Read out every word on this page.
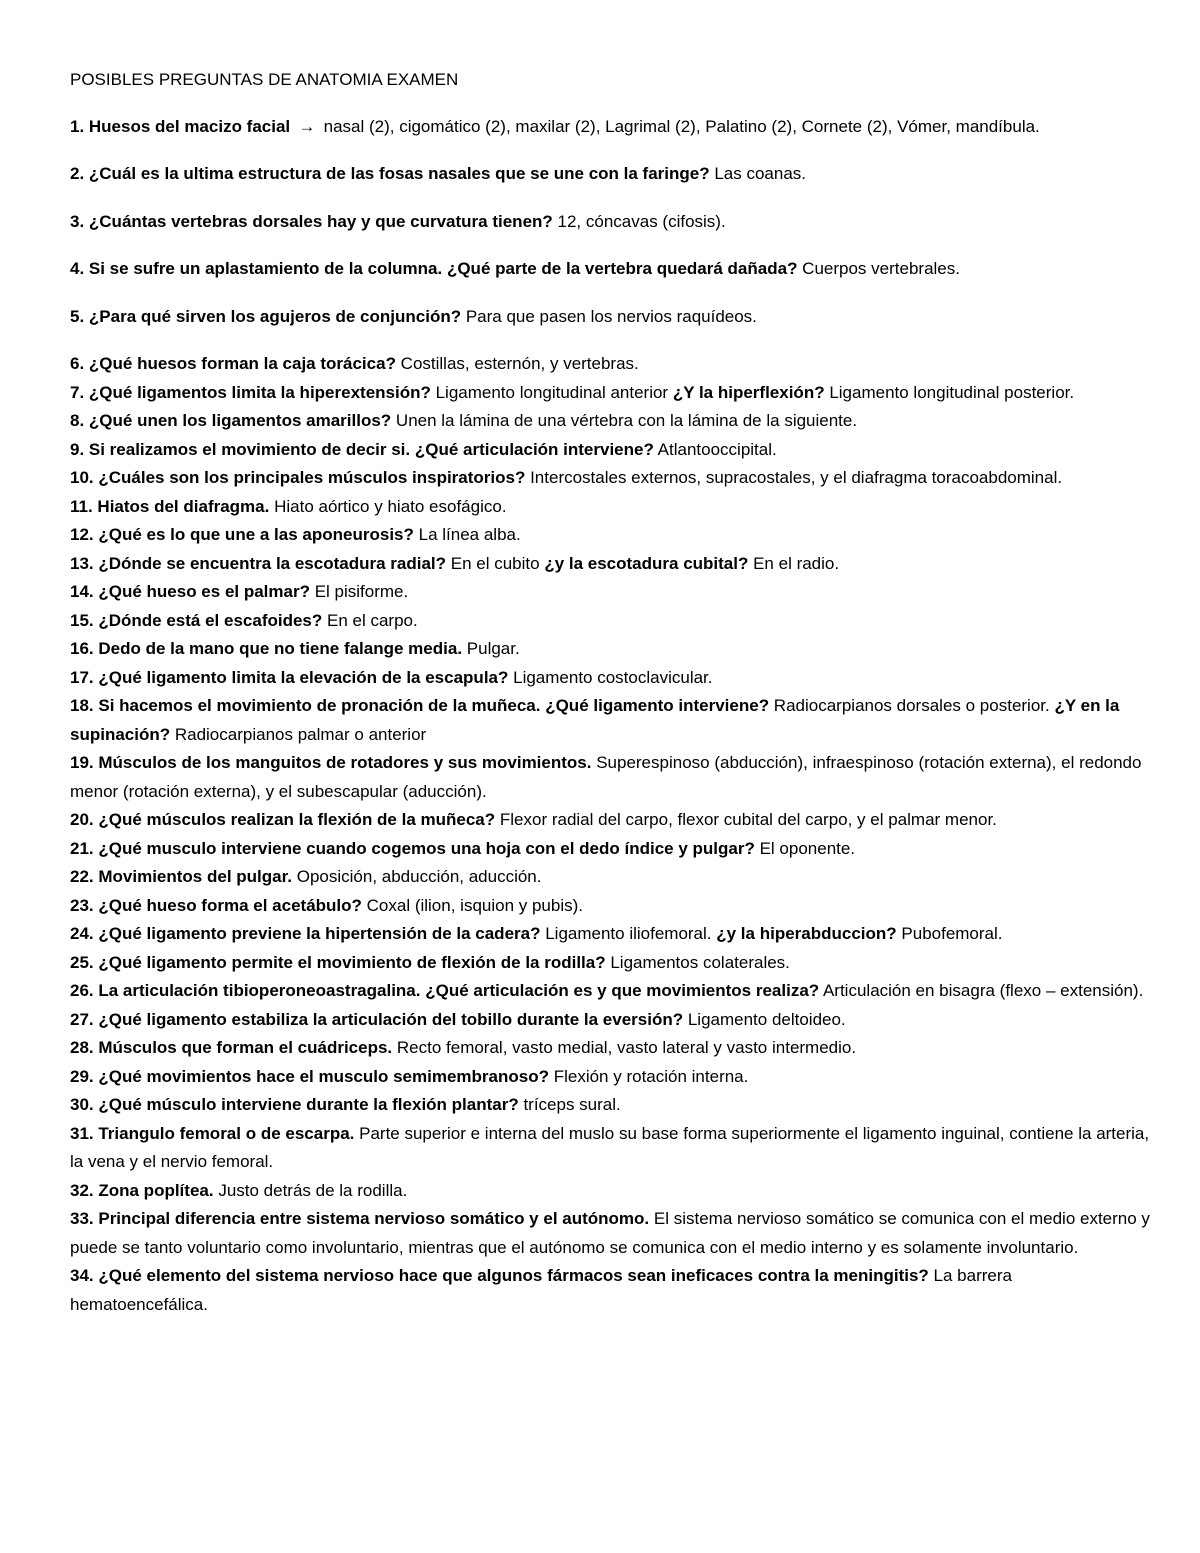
POSIBLES PREGUNTAS DE ANATOMIA EXAMEN

1. Huesos del macizo facial → nasal (2), cigomático (2), maxilar (2), Lagrimal (2), Palatino (2), Cornete (2), Vómer, mandíbula.

2. ¿Cuál es la ultima estructura de las fosas nasales que se une con la faringe? Las coanas.

3. ¿Cuántas vertebras dorsales hay y que curvatura tienen? 12, cóncavas (cifosis).

4. Si se sufre un aplastamiento de la columna. ¿Qué parte de la vertebra quedará dañada? Cuerpos vertebrales.

5. ¿Para qué sirven los agujeros de conjunción? Para que pasen los nervios raquídeos.

6. ¿Qué huesos forman la caja torácica? Costillas, esternón, y vertebras.

7. ¿Qué ligamentos limita la hiperextensión? Ligamento longitudinal anterior ¿Y la hiperflexión? Ligamento longitudinal posterior.

8. ¿Qué unen los ligamentos amarillos? Unen la lámina de una vértebra con la lámina de la siguiente.

9. Si realizamos el movimiento de decir si. ¿Qué articulación interviene? Atlantooccipital.

10. ¿Cuáles son los principales músculos inspiratorios? Intercostales externos, supracostales, y el diafragma toracoabdominal.

11. Hiatos del diafragma. Hiato aórtico y hiato esofágico.

12. ¿Qué es lo que une a las aponeurosis? La línea alba.

13. ¿Dónde se encuentra la escotadura radial? En el cubito ¿y la escotadura cubital? En el radio.

14. ¿Qué hueso es el palmar? El pisiforme.

15. ¿Dónde está el escafoides? En el carpo.

16. Dedo de la mano que no tiene falange media. Pulgar.

17. ¿Qué ligamento limita la elevación de la escapula? Ligamento costoclavicular.

18. Si hacemos el movimiento de pronación de la muñeca. ¿Qué ligamento interviene? Radiocarpianos dorsales o posterior. ¿Y en la supinación? Radiocarpianos palmar o anterior

19. Músculos de los manguitos de rotadores y sus movimientos. Superespinoso (abducción), infraespinoso (rotación externa), el redondo menor (rotación externa), y el subescapular (aducción).

20. ¿Qué músculos realizan la flexión de la muñeca? Flexor radial del carpo, flexor cubital del carpo, y el palmar menor.

21. ¿Qué musculo interviene cuando cogemos una hoja con el dedo índice y pulgar? El oponente.

22. Movimientos del pulgar. Oposición, abducción, aducción.

23. ¿Qué hueso forma el acetábulo? Coxal (ilion, isquion y pubis).

24. ¿Qué ligamento previene la hipertensión de la cadera? Ligamento iliofemoral. ¿y la hiperabduccion? Pubofemoral.

25. ¿Qué ligamento permite el movimiento de flexión de la rodilla? Ligamentos colaterales.

26. La articulación tibioperoneoastragalina. ¿Qué articulación es y que movimientos realiza? Articulación en bisagra (flexo – extensión).

27. ¿Qué ligamento estabiliza la articulación del tobillo durante la eversión? Ligamento deltoideo.

28. Músculos que forman el cuádriceps. Recto femoral, vasto medial, vasto lateral y vasto intermedio.

29. ¿Qué movimientos hace el musculo semimembranoso? Flexión y rotación interna.

30. ¿Qué músculo interviene durante la flexión plantar? tríceps sural.

31. Triangulo femoral o de escarpa. Parte superior e interna del muslo su base forma superiormente el ligamento inguinal, contiene la arteria, la vena y el nervio femoral.

32. Zona poplítea. Justo detrás de la rodilla.

33. Principal diferencia entre sistema nervioso somático y el autónomo. El sistema nervioso somático se comunica con el medio externo y puede se tanto voluntario como involuntario, mientras que el autónomo se comunica con el medio interno y es solamente involuntario.

34. ¿Qué elemento del sistema nervioso hace que algunos fármacos sean ineficaces contra la meningitis? La barrera hematoencefálica.
